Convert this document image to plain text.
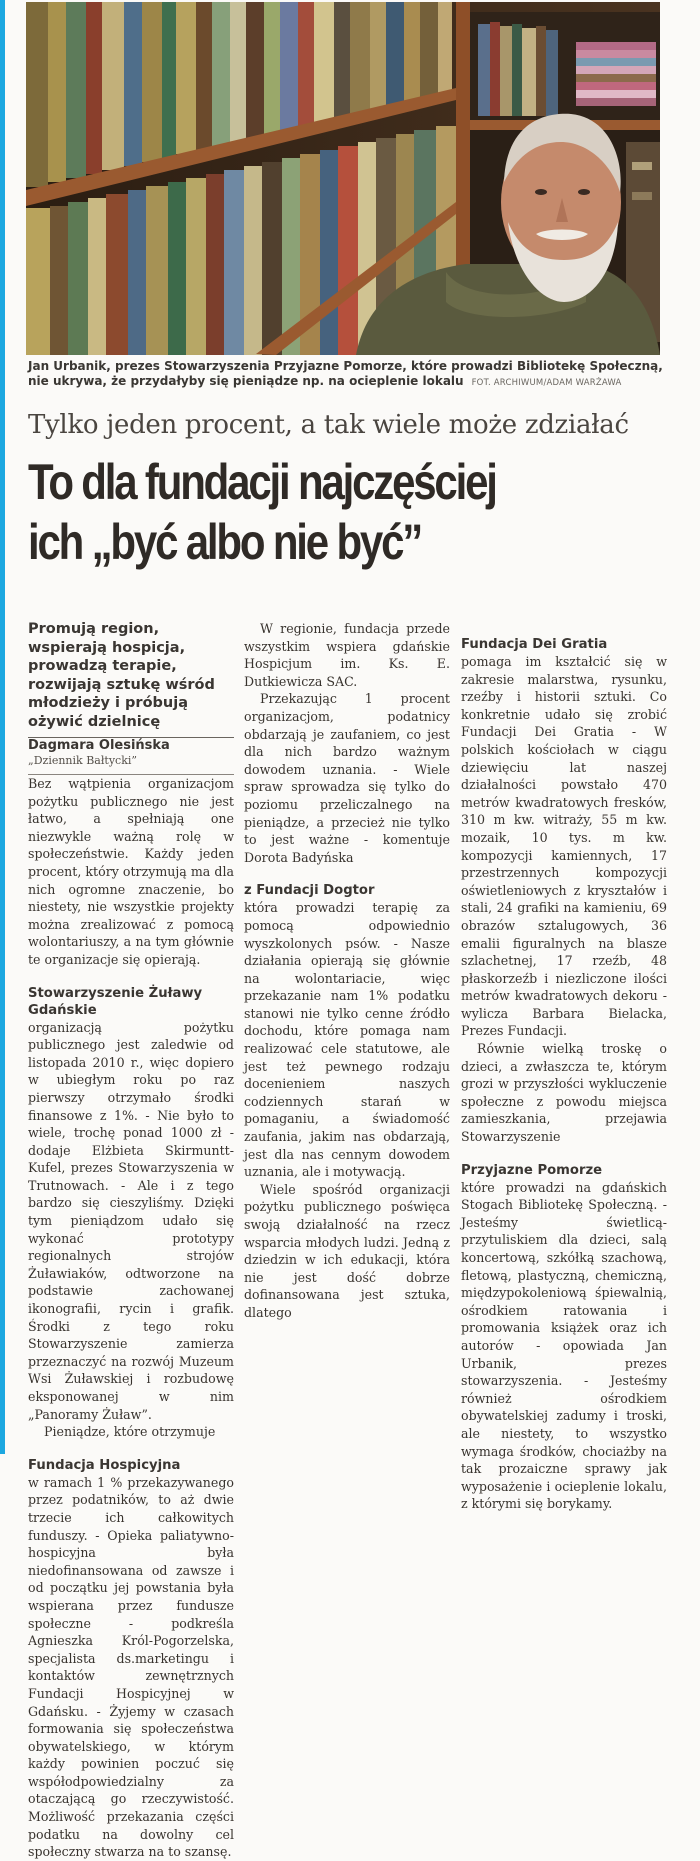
Jan Urbanik, prezes Stowarzyszenia Przyjazne Pomorze, które prowadzi Bibliotekę Społeczną, nie ukrywa, że przydałyby się pieniądze np. na ocieplenie lokalu FOT. ARCHIWUM/ADAM WARŻAWA
Tylko jeden procent, a tak wiele może zdziałać
To dla fundacji najczęściej
ich „być albo nie być”

Promują region, wspierają hospicja, prowadzą terapie, rozwijają sztukę wśród młodzieży i próbują ożywić dzielnicę

Dagmara Olesińska

„Dziennik Bałtycki”

Bez wątpienia organizacjom pożytku publicznego nie jest łatwo, a spełniają one niezwykle ważną rolę w społeczeństwie. Każdy jeden procent, który otrzymują ma dla nich ogromne znaczenie, bo niestety, nie wszystkie projekty można zrealizować z pomocą wolontariuszy, a na tym głównie te organizacje się opierają.

Stowarzyszenie Żuławy Gdańskie

organizacją pożytku publicznego jest zaledwie od listopada 2010 r., więc dopiero w ubiegłym roku po raz pierwszy otrzymało środki finansowe z 1%. - Nie było to wiele, trochę ponad 1000 zł - dodaje Elżbieta Skirmuntt-Kufel, prezes Stowarzyszenia w Trutnowach. - Ale i z tego bardzo się cieszyliśmy. Dzięki tym pieniądzom udało się wykonać prototypy regionalnych strojów Żuławiaków, odtworzone na podstawie zachowanej ikonografii, rycin i grafik. Środki z tego roku Stowarzyszenie zamierza przeznaczyć na rozwój Muzeum Wsi Żuławskiej i rozbudowę eksponowanej w nim „Panoramy Żuław”.

Pieniądze, które otrzymuje

Fundacja Hospicyjna

w ramach 1 % przekazywanego przez podatników, to aż dwie trzecie ich całkowitych funduszy. - Opieka paliatywno-hospicyjna była niedofinansowana od zawsze i od początku jej powstania była wspierana przez fundusze społeczne - podkreśla Agnieszka Król-Pogorzelska, specjalista ds.marketingu i kontaktów zewnętrznych Fundacji Hospicyjnej w Gdańsku. - Żyjemy w czasach formowania się społeczeństwa obywatelskiego, w którym każdy powinien poczuć się współodpowiedzialny za otaczającą go rzeczywistość. Możliwość przekazania części podatku na dowolny cel społeczny stwarza na to szansę.

W regionie, fundacja przede wszystkim wspiera gdańskie Hospicjum im. Ks. E. Dutkiewicza SAC.

Przekazując 1 procent organizacjom, podatnicy obdarzają je zaufaniem, co jest dla nich bardzo ważnym dowodem uznania. - Wiele spraw sprowadza się tylko do poziomu przeliczalnego na pieniądze, a przecież nie tylko to jest ważne - komentuje Dorota Badyńska

z Fundacji Dogtor

która prowadzi terapię za pomocą odpowiednio wyszkolonych psów. - Nasze działania opierają się głównie na wolontariacie, więc przekazanie nam 1% podatku stanowi nie tylko cenne źródło dochodu, które pomaga nam realizować cele statutowe, ale jest też pewnego rodzaju docenieniem naszych codziennych starań w pomaganiu, a świadomość zaufania, jakim nas obdarzają, jest dla nas cennym dowodem uznania, ale i motywacją.

Wiele spośród organizacji pożytku publicznego poświęca swoją działalność na rzecz wsparcia młodych ludzi. Jedną z dziedzin w ich edukacji, która nie jest dość dobrze dofinansowana jest sztuka, dlatego

Fundacja Dei Gratia

pomaga im kształcić się w zakresie malarstwa, rysunku, rzeźby i historii sztuki. Co konkretnie udało się zrobić Fundacji Dei Gratia - W polskich kościołach w ciągu dziewięciu lat naszej działalności powstało 470 metrów kwadratowych fresków, 310 m kw. witraży, 55 m kw. mozaik, 10 tys. m kw. kompozycji kamiennych, 17 przestrzennych kompozycji oświetleniowych z kryształów i stali, 24 grafiki na kamieniu, 69 obrazów sztalugowych, 36 emalii figuralnych na blasze szlachetnej, 17 rzeźb, 48 płaskorzeźb i niezliczone ilości metrów kwadratowych dekoru - wylicza Barbara Bielacka, Prezes Fundacji.

Równie wielką troskę o dzieci, a zwłaszcza te, którym grozi w przyszłości wykluczenie społeczne z powodu miejsca zamieszkania, przejawia Stowarzyszenie

Przyjazne Pomorze

które prowadzi na gdańskich Stogach Bibliotekę Społeczną. - Jesteśmy świetlicą-przytuliskiem dla dzieci, salą koncertową, szkółką szachową, fletową, plastyczną, chemiczną, międzypokoleniową śpiewalnią, ośrodkiem ratowania i promowania książek oraz ich autorów - opowiada Jan Urbanik, prezes stowarzyszenia. - Jesteśmy również ośrodkiem obywatelskiej zadumy i troski, ale niestety, to wszystko wymaga środków, chociażby na tak prozaiczne sprawy jak wyposażenie i ocieplenie lokalu, z którymi się borykamy.
